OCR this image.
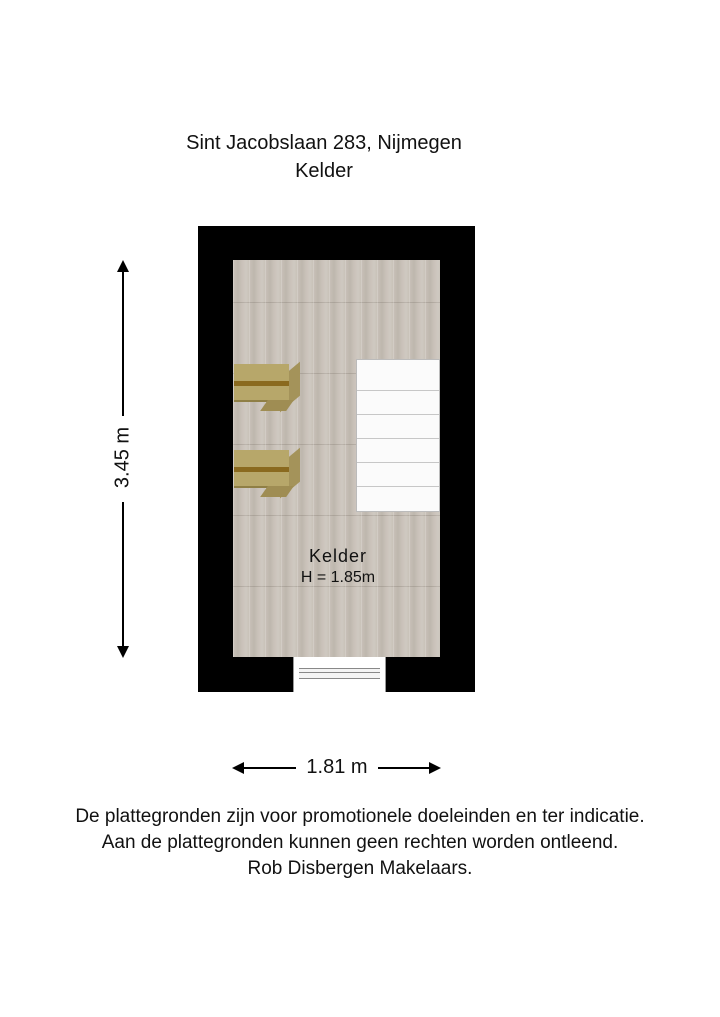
Sint Jacobslaan 283, Nijmegen
Kelder
Kelder
H = 1.85m
3.45 m
1.81 m
De plattegronden zijn voor promotionele doeleinden en ter indicatie.
Aan de plattegronden kunnen geen rechten worden ontleend.
Rob Disbergen Makelaars.
